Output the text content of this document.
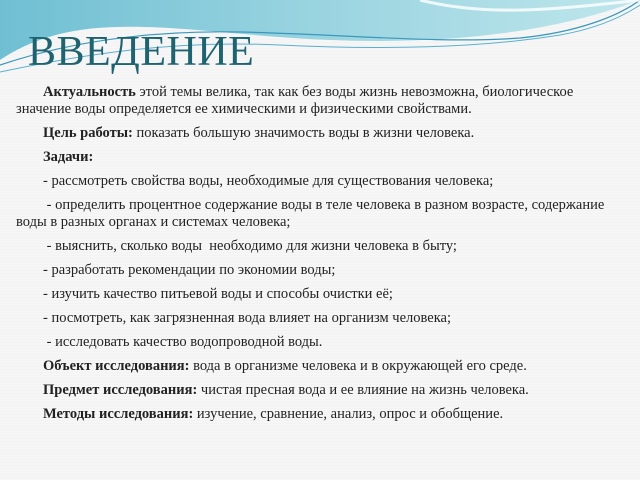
ВВЕДЕНИЕ

Актуальность этой темы велика, так как без воды жизнь невозможна, биологическое значение воды определяется ее химическими и физическими свойствами.

Цель работы: показать большую значимость воды в жизни человека.

Задачи:

- рассмотреть свойства воды, необходимые для существования человека;

- определить процентное содержание воды в теле человека в разном возрасте, содержание воды в разных органах и системах человека;

- выяснить, сколько воды  необходимо для жизни человека в быту;

- разработать рекомендации по экономии воды;

- изучить качество питьевой воды и способы очистки её;

- посмотреть, как загрязненная вода влияет на организм человека;

- исследовать качество водопроводной воды.

Объект исследования: вода в организме человека и в окружающей его среде.

Предмет исследования: чистая пресная вода и ее влияние на жизнь человека.

Методы исследования: изучение, сравнение, анализ, опрос и обобщение.
